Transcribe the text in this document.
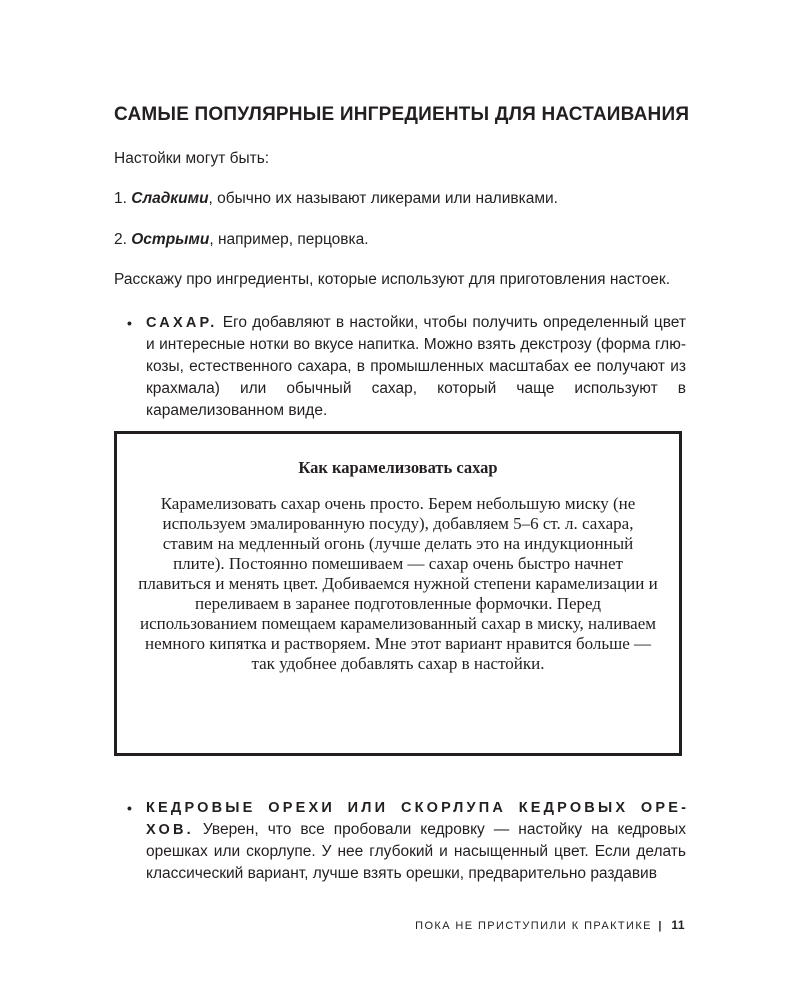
САМЫЕ ПОПУЛЯРНЫЕ ИНГРЕДИЕНТЫ ДЛЯ НАСТАИВАНИЯ

Настойки могут быть:

1. Сладкими, обычно их называют ликерами или наливками.

2. Острыми, например, перцовка.

Расскажу про ингредиенты, которые используют для приготовления настоек.

• САХАР. Его добавляют в настойки, чтобы получить определенный цвет и интересные нотки во вкусе напитка. Можно взять декстрозу (форма глюкозы, естественного сахара, в промышленных масштабах ее получают из крахмала) или обычный сахар, который чаще используют в карамелизованном виде.

Как карамелизовать сахар

Карамелизовать сахар очень просто. Берем небольшую миску (не используем эмалированную посуду), добавляем 5–6 ст. л. сахара, ставим на медленный огонь (лучше делать это на индукционный плите). Постоянно помешиваем — сахар очень быстро начнет плавиться и менять цвет. Добиваемся нужной степени карамелизации и переливаем в заранее подготовленные формочки. Перед использованием помещаем карамелизованный сахар в миску, наливаем немного кипятка и растворяем. Мне этот вариант нравится больше — так удобнее добавлять сахар в настойки.

• КЕДРОВЫЕ ОРЕХИ ИЛИ СКОРЛУПА КЕДРОВЫХ ОРЕХОВ. Уверен, что все пробовали кедровку — настойку на кедровых орешках или скорлупе. У нее глубокий и насыщенный цвет. Если делать классический вариант, лучше взять орешки, предварительно раздавив
ПОКА НЕ ПРИСТУПИЛИ К ПРАКТИКЕ | 11
